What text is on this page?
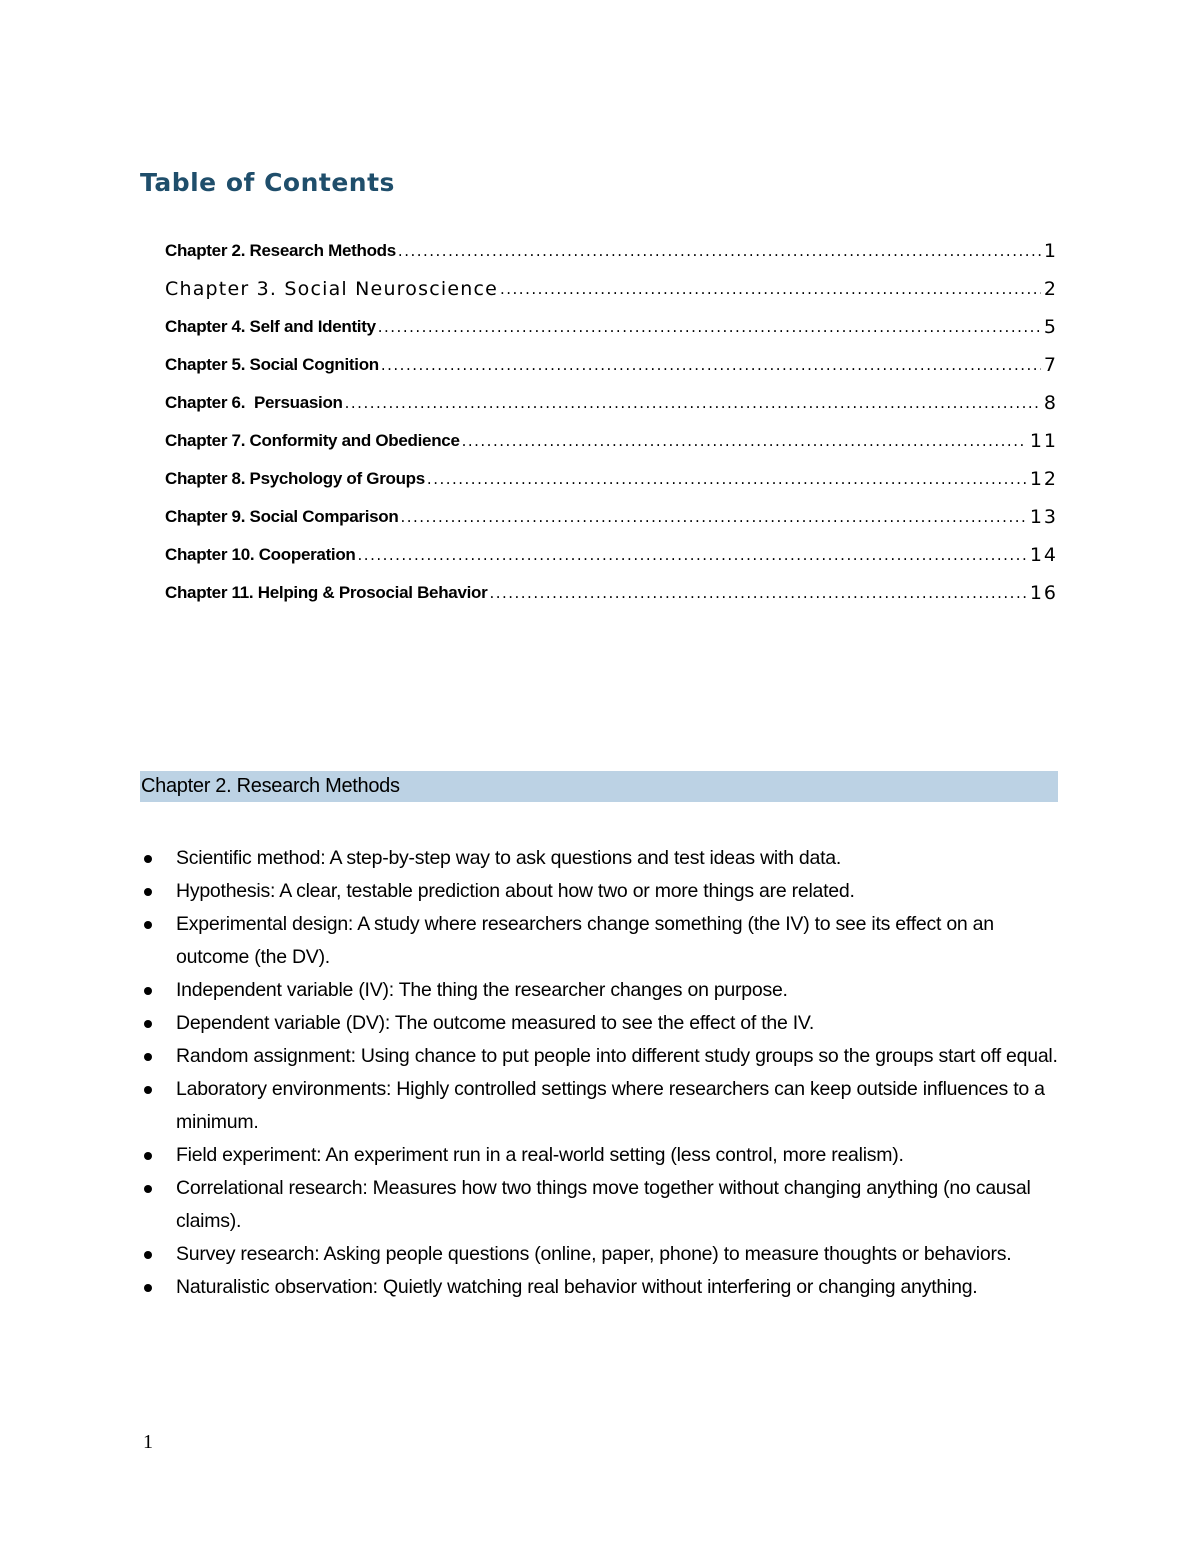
Table of Contents
Chapter 2. Research Methods .....	1
Chapter 3. Social Neuroscience .....	2
Chapter 4. Self and Identity .....	5
Chapter 5. Social Cognition .....	7
Chapter 6.  Persuasion .....	8
Chapter 7. Conformity and Obedience .....	11
Chapter 8. Psychology of Groups .....	12
Chapter 9. Social Comparison .....	13
Chapter 10. Cooperation .....	14
Chapter 11. Helping & Prosocial Behavior .....	16
Chapter 2. Research Methods
Scientific method: A step-by-step way to ask questions and test ideas with data.
Hypothesis: A clear, testable prediction about how two or more things are related.
Experimental design: A study where researchers change something (the IV) to see its effect on an outcome (the DV).
Independent variable (IV): The thing the researcher changes on purpose.
Dependent variable (DV): The outcome measured to see the effect of the IV.
Random assignment: Using chance to put people into different study groups so the groups start off equal.
Laboratory environments: Highly controlled settings where researchers can keep outside influences to a minimum.
Field experiment: An experiment run in a real-world setting (less control, more realism).
Correlational research: Measures how two things move together without changing anything (no causal claims).
Survey research: Asking people questions (online, paper, phone) to measure thoughts or behaviors.
Naturalistic observation: Quietly watching real behavior without interfering or changing anything.
1
